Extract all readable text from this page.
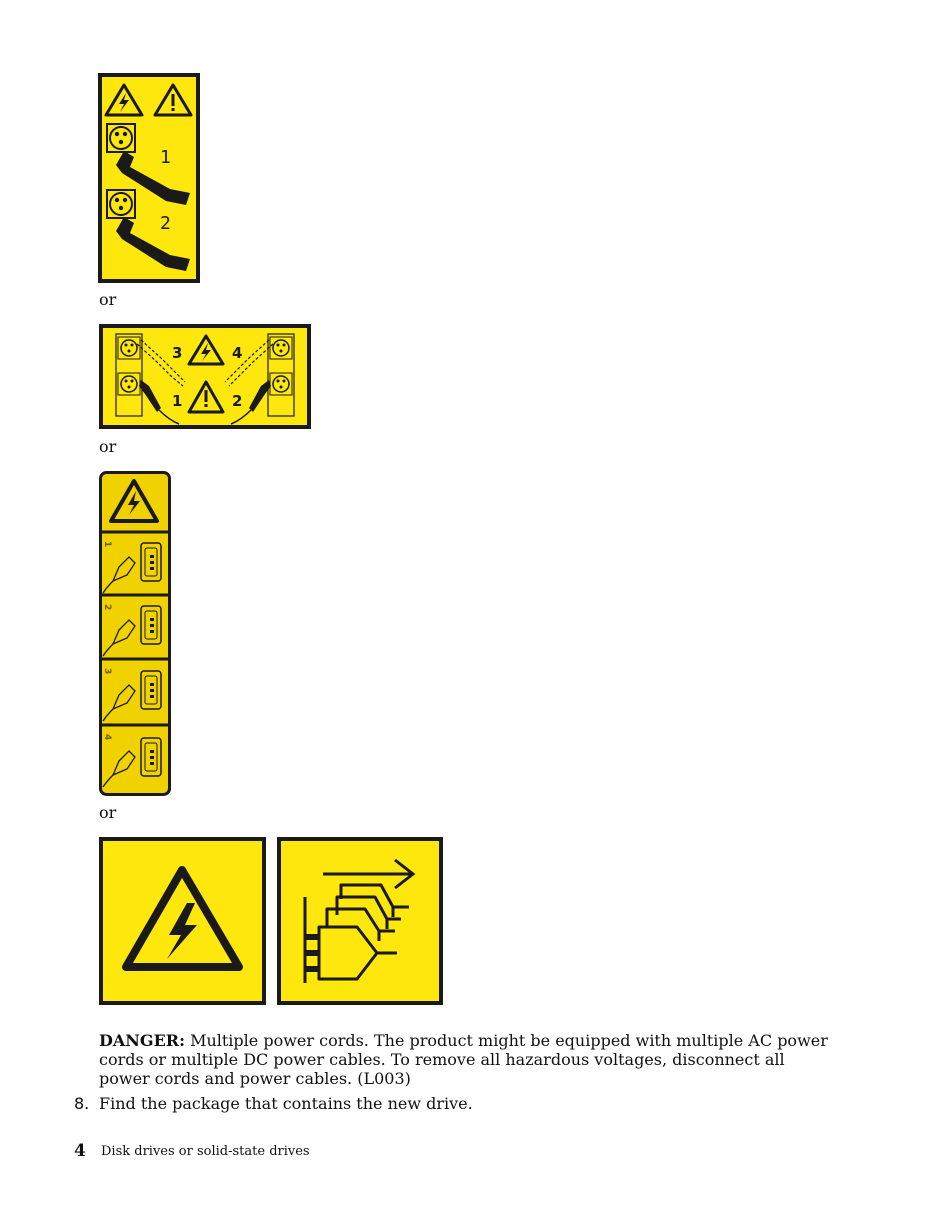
1
2
or
3
1
4
2
or
1
2
3
4
or
DANGER: Multiple power cords. The product might be equipped with multiple AC power cords or multiple DC power cables. To remove all hazardous voltages, disconnect all power cords and power cables. (L003)
8. Find the package that contains the new drive.
4 Disk drives or solid-state drives
